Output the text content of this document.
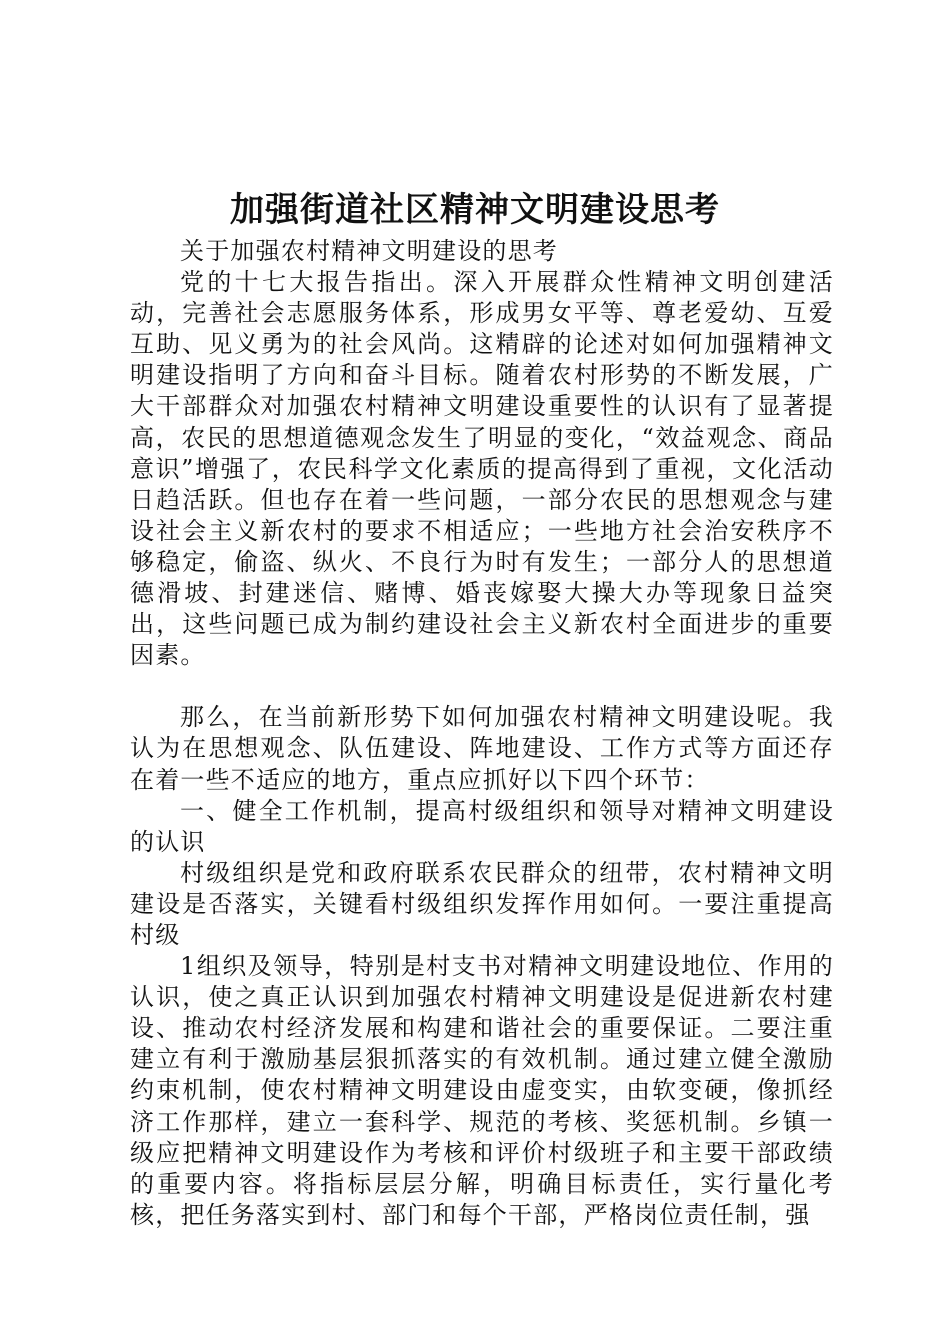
加强街道社区精神文明建设思考

关于加强农村精神文明建设的思考

党的十七大报告指出。深入开展群众性精神文明创建活动，完善社会志愿服务体系，形成男女平等、尊老爱幼、互爱互助、见义勇为的社会风尚。这精辟的论述对如何加强精神文明建设指明了方向和奋斗目标。随着农村形势的不断发展，广大干部群众对加强农村精神文明建设重要性的认识有了显著提高，农民的思想道德观念发生了明显的变化，“效益观念、商品意识”增强了，农民科学文化素质的提高得到了重视，文化活动日趋活跃。但也存在着一些问题，一部分农民的思想观念与建设社会主义新农村的要求不相适应；一些地方社会治安秩序不够稳定，偷盗、纵火、不良行为时有发生；一部分人的思想道德滑坡、封建迷信、赌博、婚丧嫁娶大操大办等现象日益突出，这些问题已成为制约建设社会主义新农村全面进步的重要因素。

那么，在当前新形势下如何加强农村精神文明建设呢。我认为在思想观念、队伍建设、阵地建设、工作方式等方面还存在着一些不适应的地方，重点应抓好以下四个环节：

一、健全工作机制，提高村级组织和领导对精神文明建设的认识

村级组织是党和政府联系农民群众的纽带，农村精神文明建设是否落实，关键看村级组织发挥作用如何。一要注重提高村级

1组织及领导，特别是村支书对精神文明建设地位、作用的认识，使之真正认识到加强农村精神文明建设是促进新农村建设、推动农村经济发展和构建和谐社会的重要保证。二要注重建立有利于激励基层狠抓落实的有效机制。通过建立健全激励约束机制，使农村精神文明建设由虚变实，由软变硬，像抓经济工作那样，建立一套科学、规范的考核、奖惩机制。乡镇一级应把精神文明建设作为考核和评价村级班子和主要干部政绩的重要内容。将指标层层分解，明确目标责任，实行量化考核，把任务落实到村、部门和每个干部，严格岗位责任制，强
